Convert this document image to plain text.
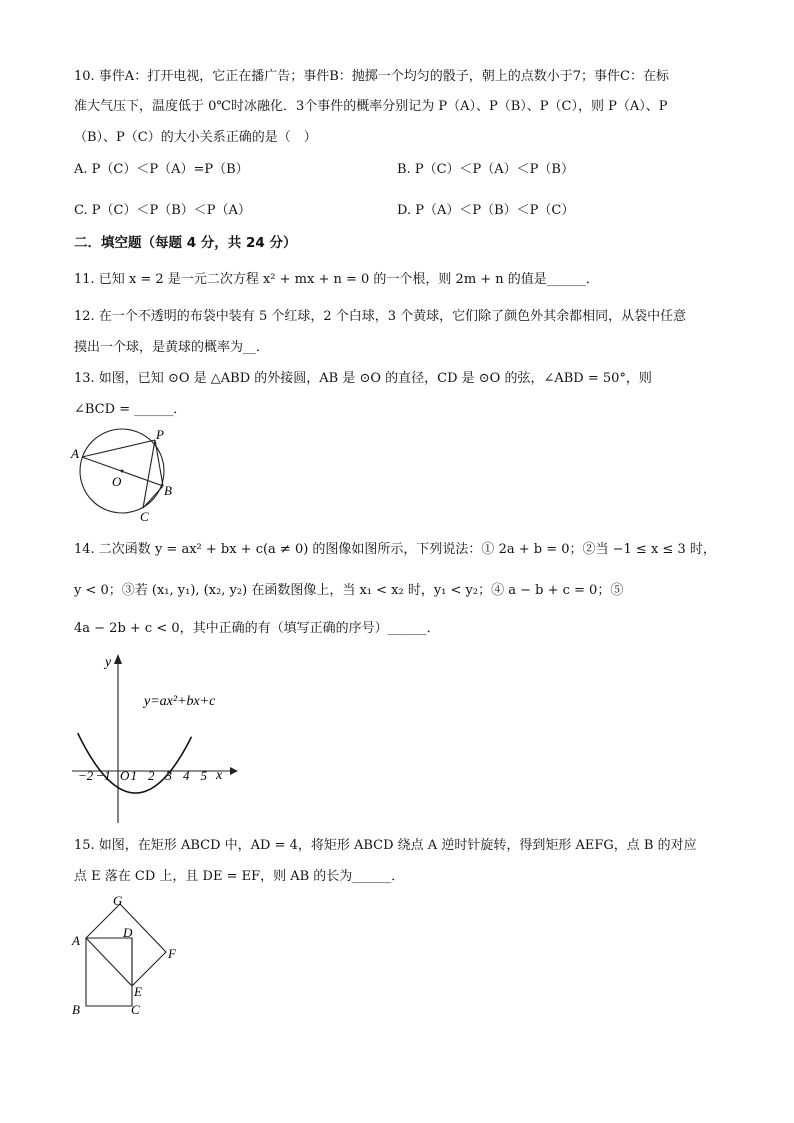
10. 事件A：打开电视，它正在播广告；事件B：抛掷一个均匀的骰子，朝上的点数小于7；事件C：在标
准大气压下，温度低于 0℃时冰融化．3个事件的概率分别记为 P（A）、P（B）、P（C），则 P（A）、P
（B）、P（C）的大小关系正确的是（　）
A. P（C）＜P（A）=P（B）	B. P（C）＜P（A）＜P（B）
C. P（C）＜P（B）＜P（A）	D. P（A）＜P（B）＜P（C）
二．填空题（每题 4 分，共 24 分）
11. 已知 x = 2 是一元二次方程 x² + mx + n = 0 的一个根，则 2m + n 的值是______．
12. 在一个不透明的布袋中装有 5 个红球，2 个白球，3 个黄球，它们除了颜色外其余都相同，从袋中任意
摸出一个球，是黄球的概率为__．
13. 如图，已知 ⊙O 是 △ABD 的外接圆，AB 是 ⊙O 的直径，CD 是 ⊙O 的弦，∠ABD = 50°，则
∠BCD = ______．
A
P
O
B
C
14. 二次函数 y = ax² + bx + c(a ≠ 0) 的图像如图所示，下列说法：① 2a + b = 0；②当 −1 ≤ x ≤ 3 时，
y < 0；③若 (x₁, y₁), (x₂, y₂) 在函数图像上，当 x₁ < x₂ 时，y₁ < y₂；④ a − b + c = 0；⑤
4a − 2b + c < 0，其中正确的有（填写正确的序号）______．
y
x
O
−2 −1 1 2 3 4 5
y=ax²+bx+c
15. 如图，在矩形 ABCD 中，AD = 4，将矩形 ABCD 绕点 A 逆时针旋转，得到矩形 AEFG，点 B 的对应
点 E 落在 CD 上，且 DE = EF，则 AB 的长为______．
G
A
D
F
E
B	C
